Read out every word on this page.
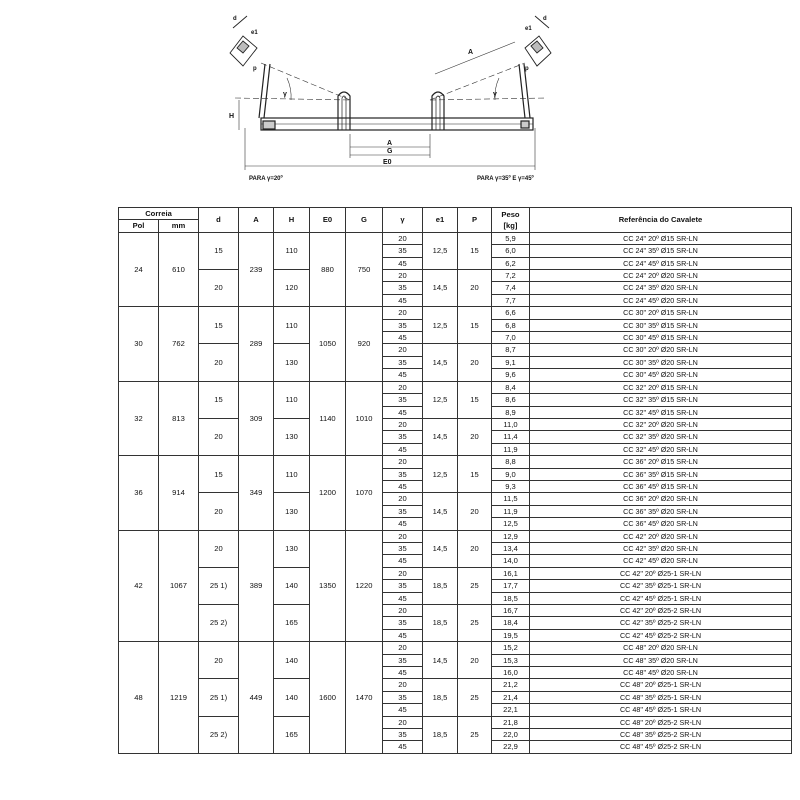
d
e1
p
d
e1
p
A
γ	γ
H
A
G
E0
PARA γ=20º	PARA γ=35º E γ=45º
Correia		d	A	H	E0	G	γ	e1	P	Peso
[kg]	Referência do Cavalete
Pol	mm										
24	610	15	239	110	880	750	20	12,5	15	5,9	CC 24" 20º Ø15 SR-LN
							35			6,0	CC 24" 35º Ø15 SR-LN
							45			6,2	CC 24" 45º Ø15 SR-LN
		20		120			20	14,5	20	7,2	CC 24" 20º Ø20 SR-LN
							35			7,4	CC 24" 35º Ø20 SR-LN
							45			7,7	CC 24" 45º Ø20 SR-LN
30	762	15	289	110	1050	920	20	12,5	15	6,6	CC 30" 20º Ø15 SR-LN
							35			6,8	CC 30" 35º Ø15 SR-LN
							45			7,0	CC 30" 45º Ø15 SR-LN
		20		130			20	14,5	20	8,7	CC 30" 20º Ø20 SR-LN
							35			9,1	CC 30" 35º Ø20 SR-LN
							45			9,6	CC 30" 45º Ø20 SR-LN
32	813	15	309	110	1140	1010	20	12,5	15	8,4	CC 32" 20º Ø15 SR-LN
							35			8,6	CC 32" 35º Ø15 SR-LN
							45			8,9	CC 32" 45º Ø15 SR-LN
		20		130			20	14,5	20	11,0	CC 32" 20º Ø20 SR-LN
							35			11,4	CC 32" 35º Ø20 SR-LN
							45			11,9	CC 32" 45º Ø20 SR-LN
36	914	15	349	110	1200	1070	20	12,5	15	8,8	CC 36" 20º Ø15 SR-LN
							35			9,0	CC 36" 35º Ø15 SR-LN
							45			9,3	CC 36" 45º Ø15 SR-LN
		20		130			20	14,5	20	11,5	CC 36" 20º Ø20 SR-LN
							35			11,9	CC 36" 35º Ø20 SR-LN
							45			12,5	CC 36" 45º Ø20 SR-LN
42	1067	20	389	130	1350	1220	20	14,5	20	12,9	CC 42" 20º Ø20 SR-LN
							35			13,4	CC 42" 35º Ø20 SR-LN
							45			14,0	CC 42" 45º Ø20 SR-LN
		25 1)		140			20	18,5	25	16,1	CC 42" 20º Ø25-1 SR-LN
							35			17,7	CC 42" 35º Ø25-1 SR-LN
							45			18,5	CC 42" 45º Ø25-1 SR-LN
		25 2)		165			20	18,5	25	16,7	CC 42" 20º Ø25-2 SR-LN
							35			18,4	CC 42" 35º Ø25-2 SR-LN
							45			19,5	CC 42" 45º Ø25-2 SR-LN
48	1219	20	449	140	1600	1470	20	14,5	20	15,2	CC 48" 20º Ø20 SR-LN
							35			15,3	CC 48" 35º Ø20 SR-LN
							45			16,0	CC 48" 45º Ø20 SR-LN
		25 1)		140			20	18,5	25	21,2	CC 48" 20º Ø25-1 SR-LN
							35			21,4	CC 48" 35º Ø25-1 SR-LN
							45			22,1	CC 48" 45º Ø25-1 SR-LN
		25 2)		165			20	18,5	25	21,8	CC 48" 20º Ø25-2 SR-LN
							35			22,0	CC 48" 35º Ø25-2 SR-LN
							45			22,9	CC 48" 45º Ø25-2 SR-LN
